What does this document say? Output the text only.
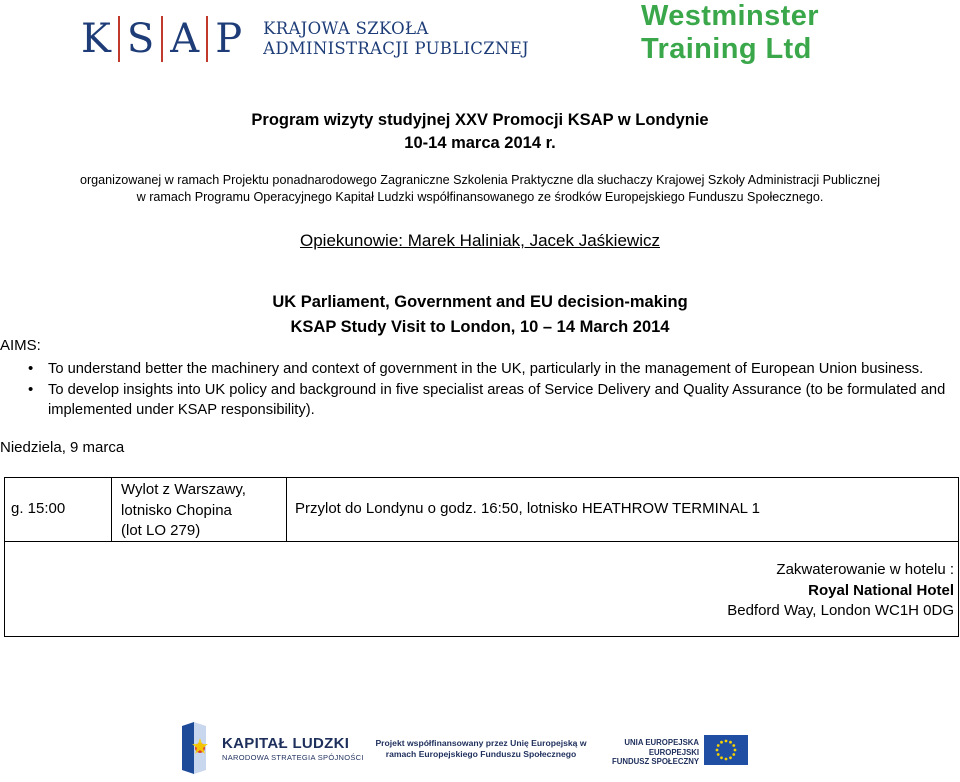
K S A P	KRAJOWA SZKOŁA
ADMINISTRACJI PUBLICZNEJ
Westminster
Training Ltd
Program wizyty studyjnej XXV Promocji KSAP w Londynie
10-14 marca 2014 r.
organizowanej w ramach Projektu ponadnarodowego Zagraniczne Szkolenia Praktyczne dla słuchaczy Krajowej Szkoły Administracji Publicznej
w ramach Programu Operacyjnego Kapitał Ludzki współfinansowanego ze środków Europejskiego Funduszu Społecznego.
Opiekunowie: Marek Haliniak, Jacek Jaśkiewicz
UK Parliament, Government and EU decision-making
KSAP Study Visit to London, 10 – 14 March 2014
AIMS:
• To understand better the machinery and context of government in the UK, particularly in the management of European Union business.
• To develop insights into UK policy and background in five specialist areas of Service Delivery and Quality Assurance (to be formulated and implemented under KSAP responsibility).
Niedziela, 9 marca
g. 15:00
Wylot z Warszawy,
lotnisko Chopina
(lot LO 279)
Przylot do Londynu o godz. 16:50, lotnisko HEATHROW TERMINAL 1
Zakwaterowanie w hotelu :
Royal National Hotel
Bedford Way, London WC1H 0DG
KAPITAŁ LUDZKI
NARODOWA STRATEGIA SPÓJNOŚCI
Projekt współfinansowany przez Unię Europejską w
ramach Europejskiego Funduszu Społecznego
UNIA EUROPEJSKA
EUROPEJSKI
FUNDUSZ SPOŁECZNY
